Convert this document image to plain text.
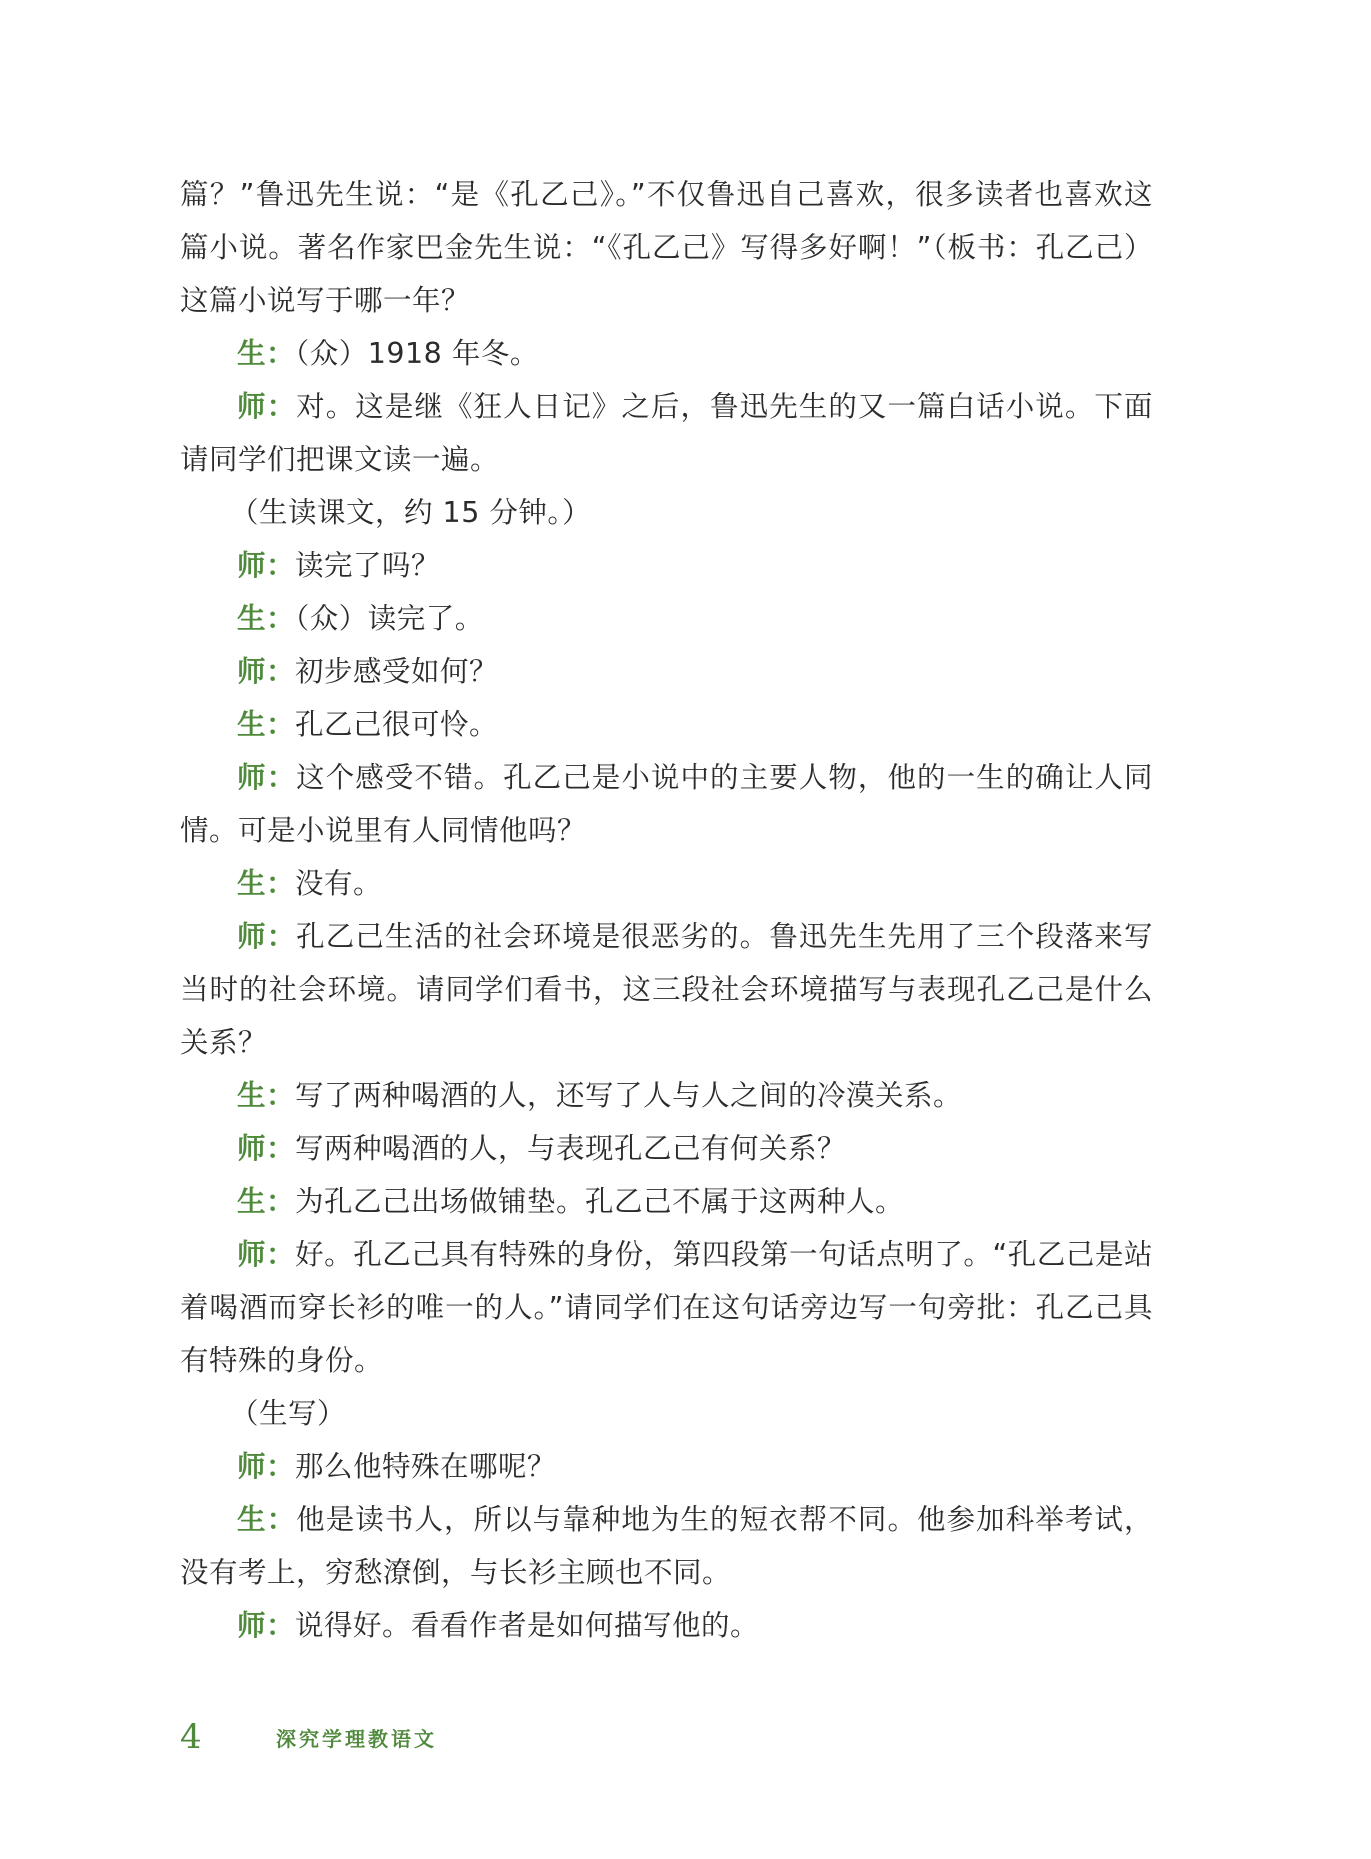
篇？”鲁迅先生说：“是《孔乙己》。”不仅鲁迅自己喜欢，很多读者也喜欢这篇小说。著名作家巴金先生说：“《孔乙己》写得多好啊！”（板书：孔乙己）这篇小说写于哪一年？

生：（众）1918 年冬。

师：对。这是继《狂人日记》之后，鲁迅先生的又一篇白话小说。下面请同学们把课文读一遍。

（生读课文，约 15 分钟。）

师：读完了吗？

生：（众）读完了。

师：初步感受如何？

生：孔乙己很可怜。

师：这个感受不错。孔乙己是小说中的主要人物，他的一生的确让人同情。可是小说里有人同情他吗？

生：没有。

师：孔乙己生活的社会环境是很恶劣的。鲁迅先生先用了三个段落来写当时的社会环境。请同学们看书，这三段社会环境描写与表现孔乙己是什么关系？

生：写了两种喝酒的人，还写了人与人之间的冷漠关系。

师：写两种喝酒的人，与表现孔乙己有何关系？

生：为孔乙己出场做铺垫。孔乙己不属于这两种人。

师：好。孔乙己具有特殊的身份，第四段第一句话点明了。“孔乙己是站着喝酒而穿长衫的唯一的人。”请同学们在这句话旁边写一句旁批：孔乙己具有特殊的身份。

（生写）

师：那么他特殊在哪呢？

生：他是读书人，所以与靠种地为生的短衣帮不同。他参加科举考试，没有考上，穷愁潦倒，与长衫主顾也不同。

师：说得好。看看作者是如何描写他的。

4	深究学理教语文
